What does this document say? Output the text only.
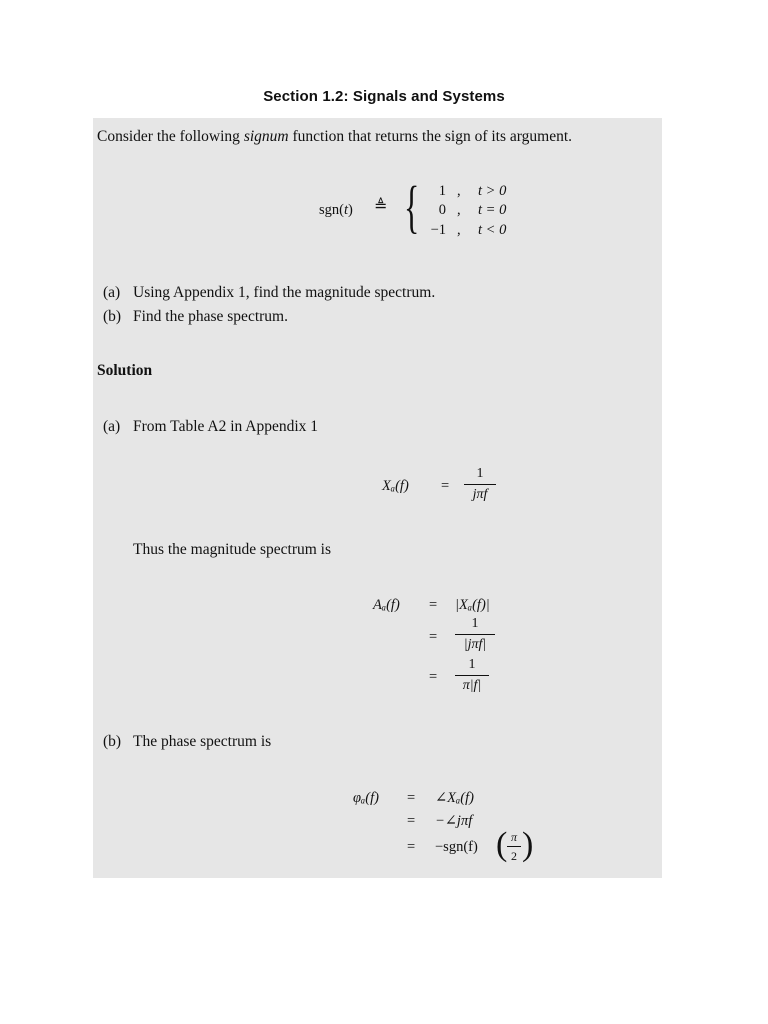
Section 1.2: Signals and Systems
Consider the following signum function that returns the sign of its argument.
sgn(t) ≜ {	1 , t > 0
0 , t = 0
−1 , t < 0
(a) Using Appendix 1, find the magnitude spectrum.
(b) Find the phase spectrum.
Solution
(a) From Table A2 in Appendix 1
Xₐ(f) =
1
jπf
Thus the magnitude spectrum is
Aₐ(f) = |Xₐ(f)|
=
1
|jπf|
=
1
π|f|
(b) The phase spectrum is
φₐ(f) = ∠Xₐ(f)
= −∠jπf
= −sgn(f) ( π
2 )
